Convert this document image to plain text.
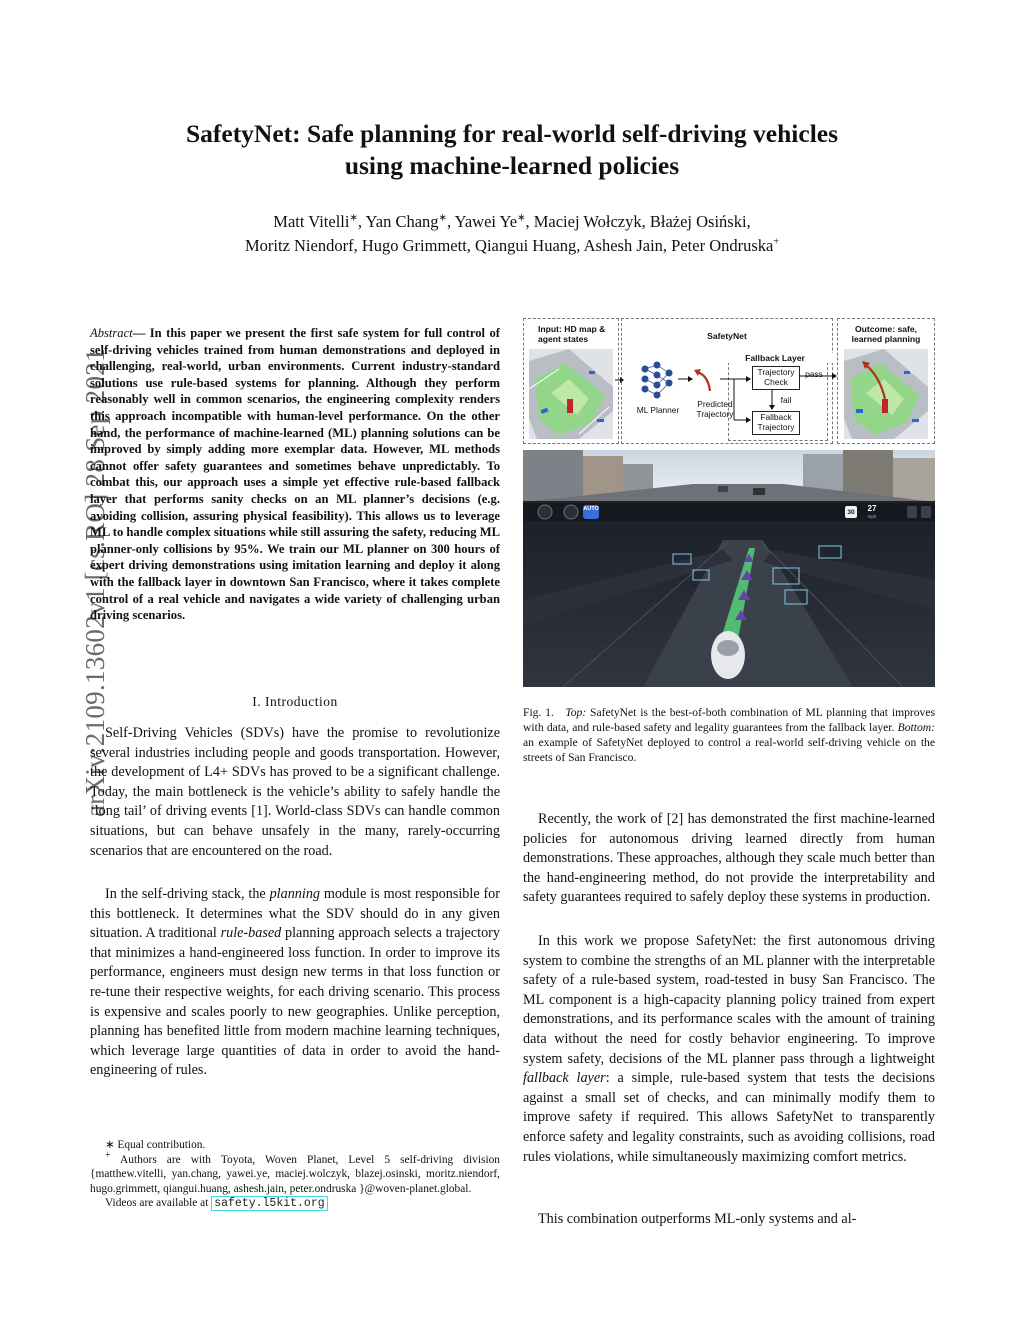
SafetyNet: Safe planning for real-world self-driving vehicles
using machine-learned policies
Matt Vitelli∗, Yan Chang∗, Yawei Ye∗, Maciej Wołczyk, Błażej Osiński,
Moritz Niendorf, Hugo Grimmett, Qiangui Huang, Ashesh Jain, Peter Ondruska+
arXiv:2109.13602v1 [cs.RO] 28 Sep 2021
Abstract— In this paper we present the first safe system for full control of self-driving vehicles trained from human demonstrations and deployed in challenging, real-world, urban environments. Current industry-standard solutions use rule-based systems for planning. Although they perform reasonably well in common scenarios, the engineering complexity renders this approach incompatible with human-level performance. On the other hand, the performance of machine-learned (ML) planning solutions can be improved by simply adding more exemplar data. However, ML methods cannot offer safety guarantees and sometimes behave unpredictably. To combat this, our approach uses a simple yet effective rule-based fallback layer that performs sanity checks on an ML planner’s decisions (e.g. avoiding collision, assuring physical feasibility). This allows us to leverage ML to handle complex situations while still assuring the safety, reducing ML planner-only collisions by 95%. We train our ML planner on 300 hours of expert driving demonstrations using imitation learning and deploy it along with the fallback layer in downtown San Francisco, where it takes complete control of a real vehicle and navigates a wide variety of challenging urban driving scenarios.
I. Introduction
Self-Driving Vehicles (SDVs) have the promise to revolutionize several industries including people and goods transportation. However, the development of L4+ SDVs has proved to be a significant challenge. Today, the main bottleneck is the vehicle’s ability to safely handle the ‘long tail’ of driving events [1]. World-class SDVs can handle common situations, but can behave unsafely in the many, rarely-occurring scenarios that are encountered on the road.
In the self-driving stack, the planning module is most responsible for this bottleneck. It determines what the SDV should do in any given situation. A traditional rule-based planning approach selects a trajectory that minimizes a hand-engineered loss function. In order to improve its performance, engineers must design new terms in that loss function or re-tune their respective weights, for each driving scenario. This process is expensive and scales poorly to new geographies. Unlike perception, planning has benefited little from modern machine learning techniques, which leverage large quantities of data in order to avoid the hand-engineering of rules.
∗ Equal contribution.
+ Authors are with Toyota, Woven Planet, Level 5 self-driving division {matthew.vitelli, yan.chang, yawei.ye, maciej.wolczyk, blazej.osinski, moritz.niendorf, hugo.grimmett, qiangui.huang, ashesh.jain, peter.ondruska }@woven-planet.global.
Videos are available at safety.l5kit.org
Input: HD map & agent states	SafetyNet
Fallback Layer
ML Planner
Predicted Trajectory
Trajectory Check
pass
fail
Fallback Trajectory
Outcome: safe, learned planning
AUTO	30	27
mph
Fig. 1. Top: SafetyNet is the best-of-both combination of ML planning that improves with data, and rule-based safety and legality guarantees from the fallback layer. Bottom: an example of SafetyNet deployed to control a real-world self-driving vehicle on the streets of San Francisco.
Recently, the work of [2] has demonstrated the first machine-learned policies for autonomous driving learned directly from human demonstrations. These approaches, although they scale much better than the hand-engineering method, do not provide the interpretability and safety guarantees required to safely deploy these systems in production.
In this work we propose SafetyNet: the first autonomous driving system to combine the strengths of an ML planner with the interpretable safety of a rule-based system, road-tested in busy San Francisco. The ML component is a high-capacity planning policy trained from expert demonstrations, and its performance scales with the amount of training data without the need for costly behavior engineering. To improve system safety, decisions of the ML planner pass through a lightweight fallback layer: a simple, rule-based system that tests the decisions against a small set of checks, and can minimally modify them to improve safety if required. This allows SafetyNet to transparently enforce safety and legality constraints, such as avoiding collisions, road rules violations, while simultaneously maximizing comfort metrics.
This combination outperforms ML-only systems and al-
